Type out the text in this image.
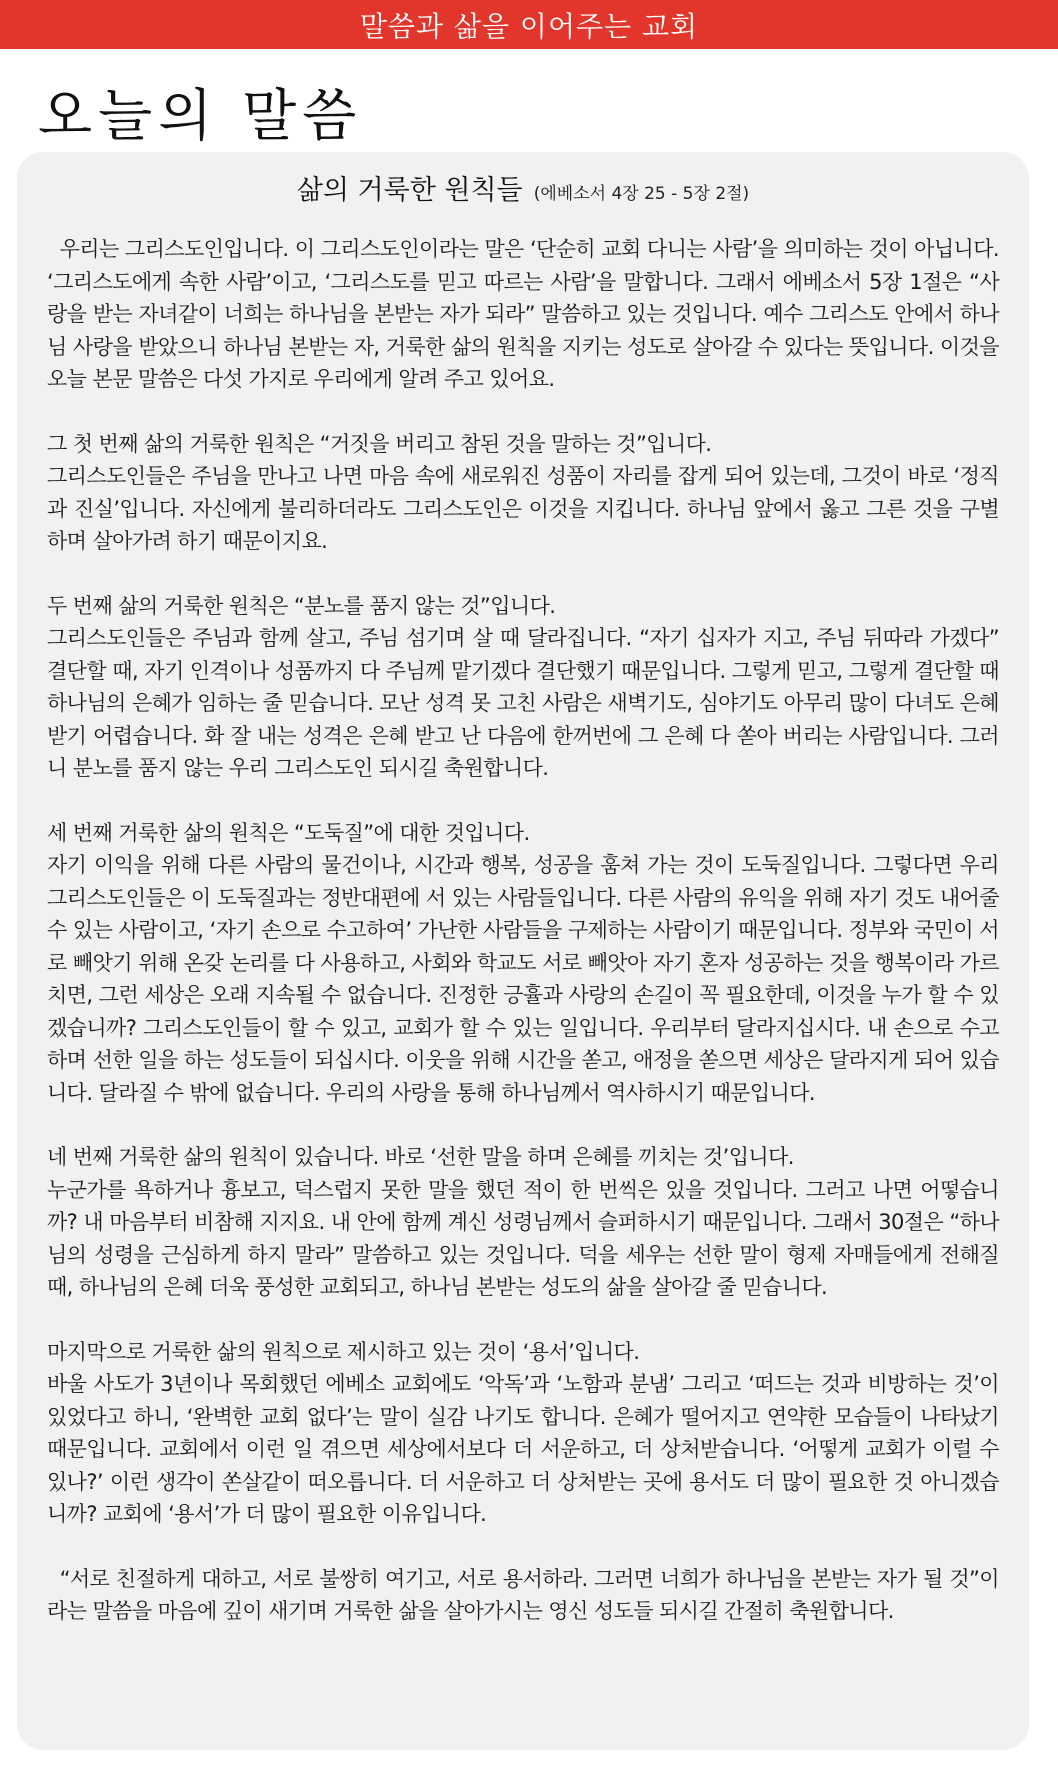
말씀과 삶을 이어주는 교회
오늘의 말씀
삶의 거룩한 원칙들 (에베소서 4장 25 - 5장 2절)

우리는 그리스도인입니다. 이 그리스도인이라는 말은 ‘단순히 교회 다니는 사람’을 의미하는 것이 아닙니다. ‘그리스도에게 속한 사람’이고, ‘그리스도를 믿고 따르는 사람’을 말합니다. 그래서 에베소서 5장 1절은 “사랑을 받는 자녀같이 너희는 하나님을 본받는 자가 되라” 말씀하고 있는 것입니다. 예수 그리스도 안에서 하나님 사랑을 받았으니 하나님 본받는 자, 거룩한 삶의 원칙을 지키는 성도로 살아갈 수 있다는 뜻입니다. 이것을 오늘 본문 말씀은 다섯 가지로 우리에게 알려 주고 있어요.

그 첫 번째 삶의 거룩한 원칙은 “거짓을 버리고 참된 것을 말하는 것”입니다.
그리스도인들은 주님을 만나고 나면 마음 속에 새로워진 성품이 자리를 잡게 되어 있는데, 그것이 바로 ‘정직과 진실’입니다. 자신에게 불리하더라도 그리스도인은 이것을 지킵니다. 하나님 앞에서 옳고 그른 것을 구별하며 살아가려 하기 때문이지요.

두 번째 삶의 거룩한 원칙은 “분노를 품지 않는 것”입니다.
그리스도인들은 주님과 함께 살고, 주님 섬기며 살 때 달라집니다. “자기 십자가 지고, 주님 뒤따라 가겠다” 결단할 때, 자기 인격이나 성품까지 다 주님께 맡기겠다 결단했기 때문입니다. 그렇게 믿고, 그렇게 결단할 때 하나님의 은혜가 임하는 줄 믿습니다. 모난 성격 못 고친 사람은 새벽기도, 심야기도 아무리 많이 다녀도 은혜 받기 어렵습니다. 화 잘 내는 성격은 은혜 받고 난 다음에 한꺼번에 그 은혜 다 쏟아 버리는 사람입니다. 그러니 분노를 품지 않는 우리 그리스도인 되시길 축원합니다.

세 번째 거룩한 삶의 원칙은 “도둑질”에 대한 것입니다.
자기 이익을 위해 다른 사람의 물건이나, 시간과 행복, 성공을 훔쳐 가는 것이 도둑질입니다. 그렇다면 우리 그리스도인들은 이 도둑질과는 정반대편에 서 있는 사람들입니다. 다른 사람의 유익을 위해 자기 것도 내어줄 수 있는 사람이고, ‘자기 손으로 수고하여’ 가난한 사람들을 구제하는 사람이기 때문입니다. 정부와 국민이 서로 빼앗기 위해 온갖 논리를 다 사용하고, 사회와 학교도 서로 빼앗아 자기 혼자 성공하는 것을 행복이라 가르치면, 그런 세상은 오래 지속될 수 없습니다. 진정한 긍휼과 사랑의 손길이 꼭 필요한데, 이것을 누가 할 수 있겠습니까? 그리스도인들이 할 수 있고, 교회가 할 수 있는 일입니다. 우리부터 달라지십시다. 내 손으로 수고하며 선한 일을 하는 성도들이 되십시다. 이웃을 위해 시간을 쏟고, 애정을 쏟으면 세상은 달라지게 되어 있습니다. 달라질 수 밖에 없습니다. 우리의 사랑을 통해 하나님께서 역사하시기 때문입니다.

네 번째 거룩한 삶의 원칙이 있습니다. 바로 ‘선한 말을 하며 은혜를 끼치는 것’입니다.
누군가를 욕하거나 흉보고, 덕스럽지 못한 말을 했던 적이 한 번씩은 있을 것입니다. 그러고 나면 어떻습니까? 내 마음부터 비참해 지지요. 내 안에 함께 계신 성령님께서 슬퍼하시기 때문입니다. 그래서 30절은 “하나님의 성령을 근심하게 하지 말라” 말씀하고 있는 것입니다. 덕을 세우는 선한 말이 형제 자매들에게 전해질 때, 하나님의 은혜 더욱 풍성한 교회되고, 하나님 본받는 성도의 삶을 살아갈 줄 믿습니다.

마지막으로 거룩한 삶의 원칙으로 제시하고 있는 것이 ‘용서’입니다.
바울 사도가 3년이나 목회했던 에베소 교회에도 ‘악독’과 ‘노함과 분냄’ 그리고 ‘떠드는 것과 비방하는 것’이 있었다고 하니, ‘완벽한 교회 없다’는 말이 실감 나기도 합니다. 은혜가 떨어지고 연약한 모습들이 나타났기 때문입니다. 교회에서 이런 일 겪으면 세상에서보다 더 서운하고, 더 상처받습니다. ‘어떻게 교회가 이럴 수 있나?’ 이런 생각이 쏜살같이 떠오릅니다. 더 서운하고 더 상처받는 곳에 용서도 더 많이 필요한 것 아니겠습니까? 교회에 ‘용서’가 더 많이 필요한 이유입니다.

“서로 친절하게 대하고, 서로 불쌍히 여기고, 서로 용서하라. 그러면 너희가 하나님을 본받는 자가 될 것”이라는 말씀을 마음에 깊이 새기며 거룩한 삶을 살아가시는 영신 성도들 되시길 간절히 축원합니다.
